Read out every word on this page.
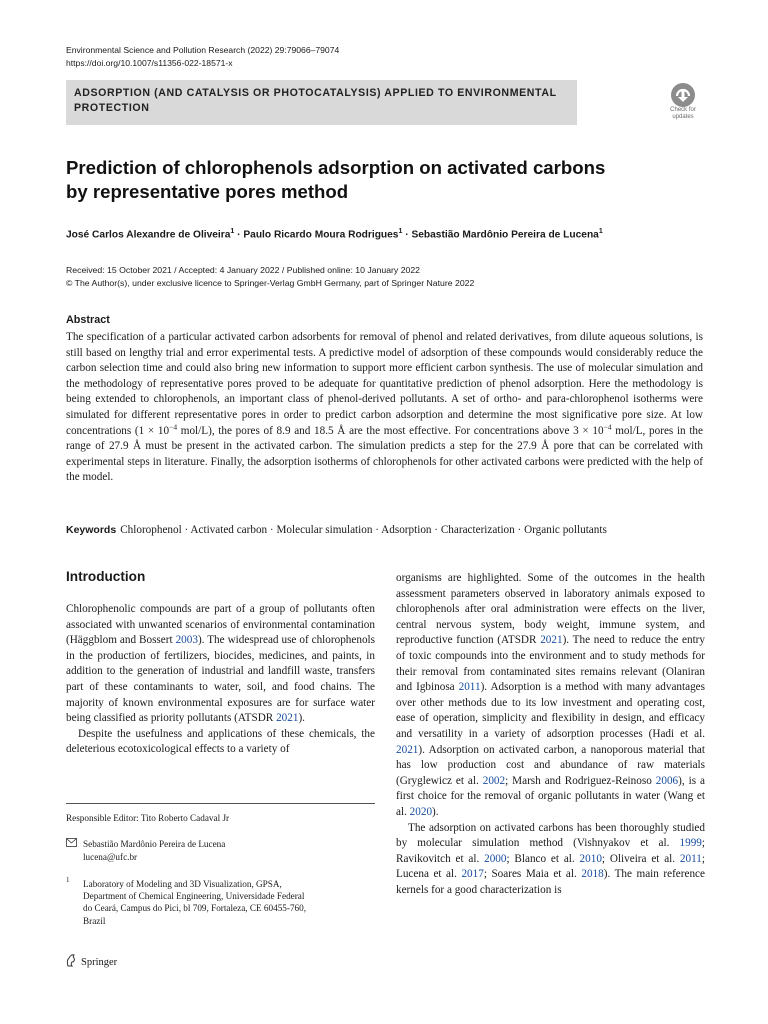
Environmental Science and Pollution Research (2022) 29:79066–79074
https://doi.org/10.1007/s11356-022-18571-x
ADSORPTION (AND CATALYSIS OR PHOTOCATALYSIS) APPLIED TO ENVIRONMENTAL
PROTECTION	Check for
updates
Prediction of chlorophenols adsorption on activated carbons
by representative pores method
José Carlos Alexandre de Oliveira$^1$ · Paulo Ricardo Moura Rodrigues$^1$ · Sebastião Mardônio Pereira de Lucena$^1$
Received: 15 October 2021 / Accepted: 4 January 2022 / Published online: 10 January 2022
© The Author(s), under exclusive licence to Springer-Verlag GmbH Germany, part of Springer Nature 2022
Abstract
The specification of a particular activated carbon adsorbents for removal of phenol and related derivatives, from dilute aqueous solutions, is still based on lengthy trial and error experimental tests. A predictive model of adsorption of these compounds would considerably reduce the carbon selection time and could also bring new information to support more efficient carbon synthesis. The use of molecular simulation and the methodology of representative pores proved to be adequate for quantitative prediction of phenol adsorption. Here the methodology is being extended to chlorophenols, an important class of phenol-derived pollutants. A set of ortho- and para-chlorophenol isotherms were simulated for different representative pores in order to predict carbon adsorption and determine the most significative pore size. At low concentrations ($1 \times 10^{-4}$ mol/L), the pores of 8.9 and 18.5 Å are the most effective. For concentrations above $3 \times 10^{-4}$ mol/L, pores in the range of 27.9 Å must be present in the activated carbon. The simulation predicts a step for the 27.9 Å pore that can be correlated with experimental steps in literature. Finally, the adsorption isotherms of chlorophenols for other activated carbons were predicted with the help of the model.
Keywords Chlorophenol · Activated carbon · Molecular simulation · Adsorption · Characterization · Organic pollutants
Introduction

Chlorophenolic compounds are part of a group of pollutants often associated with unwanted scenarios of environmental contamination (Häggblom and Bossert 2003). The widespread use of chlorophenols in the production of fertilizers, biocides, medicines, and paints, in addition to the generation of industrial and landfill waste, transfers part of these contaminants to water, soil, and food chains. The majority of known environmental exposures are for surface water being classified as priority pollutants (ATSDR 2021).

Despite the usefulness and applications of these chemicals, the deleterious ecotoxicological effects to a variety of

organisms are highlighted. Some of the outcomes in the health assessment parameters observed in laboratory animals exposed to chlorophenols after oral administration were effects on the liver, central nervous system, body weight, immune system, and reproductive function (ATSDR 2021). The need to reduce the entry of toxic compounds into the environment and to study methods for their removal from contaminated sites remains relevant (Olaniran and Igbinosa 2011). Adsorption is a method with many advantages over other methods due to its low investment and operating cost, ease of operation, simplicity and flexibility in design, and efficacy and versatility in a variety of adsorption processes (Hadi et al. 2021). Adsorption on activated carbon, a nanoporous material that has low production cost and abundance of raw materials (Gryglewicz et al. 2002; Marsh and Rodriguez-Reinoso 2006), is a first choice for the removal of organic pollutants in water (Wang et al. 2020).

The adsorption on activated carbons has been thoroughly studied by molecular simulation method (Vishnyakov et al. 1999; Ravikovitch et al. 2000; Blanco et al. 2010; Oliveira et al. 2011; Lucena et al. 2017; Soares Maia et al. 2018). The main reference kernels for a good characterization is

Responsible Editor: Tito Roberto Cadaval Jr
Sebastião Mardônio Pereira de Lucena
lucena@ufc.br
1 Laboratory of Modeling and 3D Visualization, GPSA,
Department of Chemical Engineering, Universidade Federal
do Ceará, Campus do Pici, bl 709, Fortaleza, CE 60455-760,
Brazil
Springer
